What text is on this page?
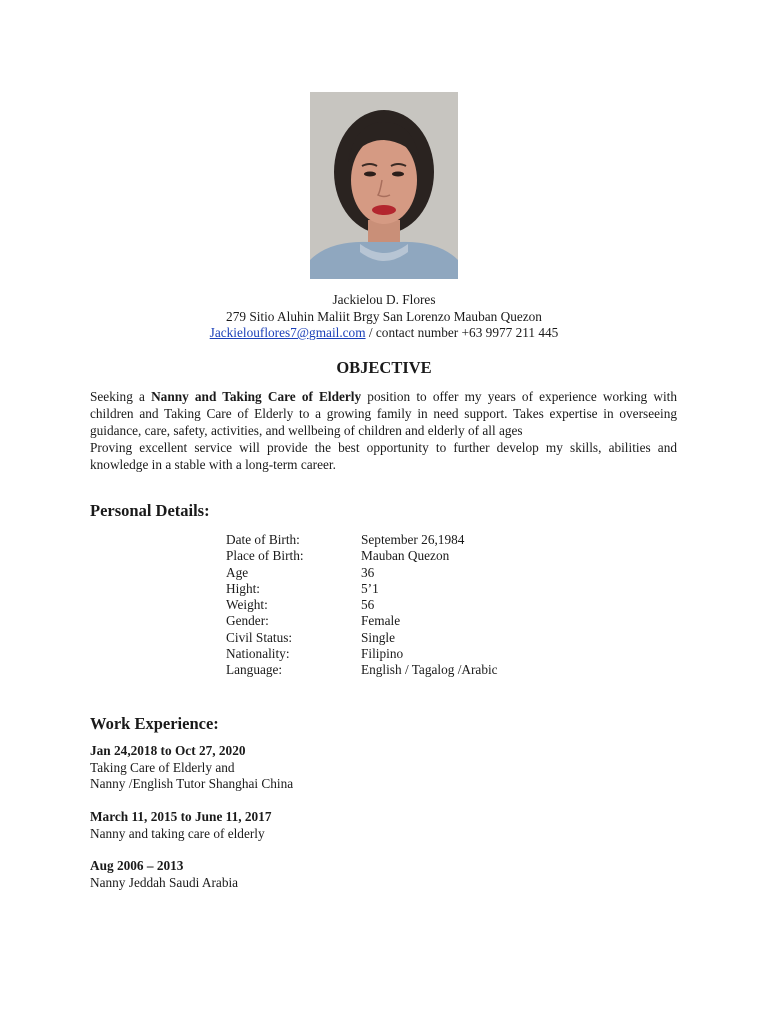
Jackielou D. Flores
279 Sitio Aluhin Maliit Brgy San Lorenzo Mauban Quezon
Jackielouflores7@gmail.com / contact number +63 9977 211 445
OBJECTIVE

Seeking a Nanny and Taking Care of Elderly position to offer my years of experience working with children and Taking Care of Elderly to a growing family in need support. Takes expertise in overseeing guidance, care, safety, activities, and wellbeing of children and elderly of all ages

Proving excellent service will provide the best opportunity to further develop my skills, abilities and knowledge in a stable with a long-term career.

Personal Details:
Date of Birth:	September 26,1984
Place of Birth:	Mauban Quezon
Age	36
Hight:	5’1
Weight:	56
Gender:	Female
Civil Status:	Single
Nationality:	Filipino
Language:	English / Tagalog /Arabic
Work Experience:
Jan 24,2018 to Oct 27, 2020
Taking Care of Elderly and
Nanny /English Tutor Shanghai China
March 11, 2015 to June 11, 2017
Nanny and taking care of elderly
Aug 2006 – 2013
Nanny Jeddah Saudi Arabia
